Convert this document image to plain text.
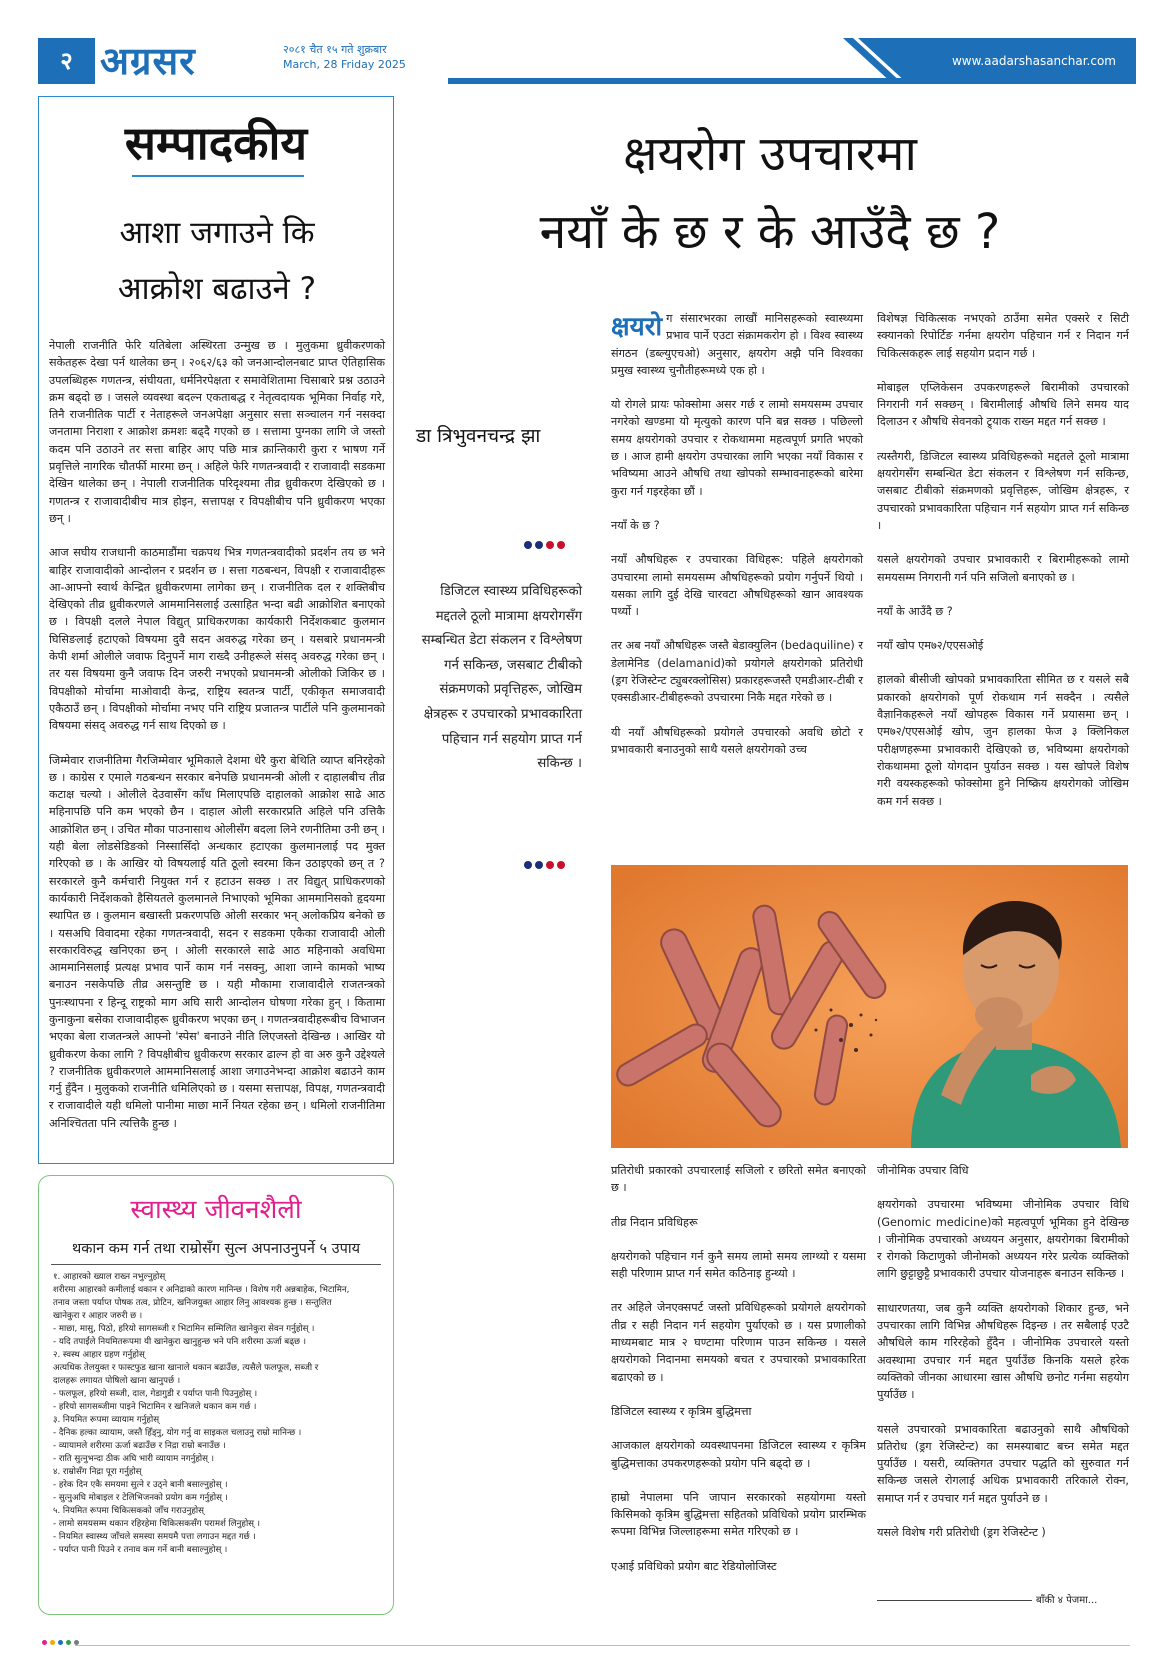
२ अग्रसर	२०८१ चैत १५ गते शुक्रबार
March, 28 Friday 2025	www.aadarshasanchar.com
सम्पादकीय
आशा जगाउने कि
आक्रोश बढाउने ?

नेपाली राजनीति फेरि यतिबेला अस्थिरता उन्मुख छ । मुलुकमा ध्रुवीकरणको सकेतहरू देखा पर्न थालेका छन् । २०६२/६३ को जनआन्दोलनबाट प्राप्त ऐतिहासिक उपलब्धिहरू गणतन्त्र, संघीयता, धर्मनिरपेक्षता र समावेशितामा चिसाबारे प्रश्न उठाउने क्रम बढ्दो छ । जसले व्यवस्था बदल्न एकताबद्ध र नेतृत्वदायक भूमिका निर्वाह गरे, तिनै राजनीतिक पार्टी र नेताहरूले जनअपेक्षा अनुसार सत्ता सञ्चालन गर्न नसक्दा जनतामा निराशा र आक्रोश क्रमशः बढ्दै गएको छ । सत्तामा पुग्नका लागि जे जस्तो कदम पनि उठाउने तर सत्ता बाहिर आए पछि मात्र क्रान्तिकारी कुरा र भाषण गर्ने प्रवृत्तिले नागरिक चौतर्फी मारमा छन् । अहिले फेरि गणतन्त्रवादी र राजावादी सडकमा देखिन थालेका छन् । नेपाली राजनीतिक परिदृश्यमा तीव्र ध्रुवीकरण देखिएको छ । गणतन्त्र र राजावादीबीच मात्र होइन, सत्तापक्ष र विपक्षीबीच पनि ध्रुवीकरण भएका छन् ।

आज सघीय राजधानी काठमाडौंमा चक्रपथ भित्र गणतन्त्रवादीको प्रदर्शन तय छ भने बाहिर राजावादीको आन्दोलन र प्रदर्शन छ । सत्ता गठबन्धन, विपक्षी र राजावादीहरू आ-आफ्नो स्वार्थ केन्द्रित ध्रुवीकरणमा लागेका छन् । राजनीतिक दल र शक्तिबीच देखिएको तीव्र ध्रुवीकरणले आममानिसलाई उत्साहित भन्दा बढी आक्रोशित बनाएको छ । विपक्षी दलले नेपाल विद्युत् प्राधिकरणका कार्यकारी निर्देशकबाट कुलमान घिसिङलाई हटाएको विषयमा दुवै सदन अवरुद्ध गरेका छन् । यसबारे प्रधानमन्त्री केपी शर्मा ओलीले जवाफ दिनुपर्ने माग राख्दै उनीहरूले संसद् अवरुद्ध गरेका छन् । तर यस विषयमा कुनै जवाफ दिन जरुरी नभएको प्रधानमन्त्री ओलीको जिकिर छ । विपक्षीको मोर्चामा माओवादी केन्द्र, राष्ट्रिय स्वतन्त्र पार्टी, एकीकृत समाजवादी एकैठाउँ छन् । विपक्षीको मोर्चामा नभए पनि राष्ट्रिय प्रजातन्त्र पार्टीले पनि कुलमानको विषयमा संसद् अवरुद्ध गर्न साथ दिएको छ ।

जिम्मेवार राजनीतिमा गैरजिम्मेवार भूमिकाले देशमा धेरै कुरा बेथिति व्याप्त बनिरहेको छ । काग्रेस र एमाले गठबन्धन सरकार बनेपछि प्रधानमन्त्री ओली र दाहालबीच तीव्र कटाक्ष चल्यो । ओलीले देउवासँग काँध मिलाएपछि दाहालको आक्रोश साढे आठ महिनापछि पनि कम भएको छैन । दाहाल ओली सरकारप्रति अहिले पनि उत्तिकै आक्रोशित छन् । उचित मौका पाउनासाथ ओलीसँग बदला लिने रणनीतिमा उनी छन् । यही बेला लोडसेडिङको निस्सासिँदो अन्धकार हटाएका कुलमानलाई पद मुक्त गरिएको छ । के आखिर यो विषयलाई यति ठूलो स्वरमा किन उठाइएको छन् त ? सरकारले कुनै कर्मचारी नियुक्त गर्न र हटाउन सक्छ । तर विद्युत् प्राधिकरणको कार्यकारी निर्देशकको हैसियतले कुलमानले निभाएको भूमिका आममानिसको हृदयमा स्थापित छ । कुलमान बखास्ती प्रकरणपछि ओली सरकार भन् अलोकप्रिय बनेको छ । यसअघि विवादमा रहेका गणतन्त्रवादी, सदन र सडकमा एकैका राजावादी ओली सरकारविरुद्ध खनिएका छन् । ओली सरकारले साढे आठ महिनाको अवधिमा आममानिसलाई प्रत्यक्ष प्रभाव पार्ने काम गर्न नसक्नु, आशा जाग्ने कामको भाष्य बनाउन नसकेपछि तीव्र असन्तुष्टि छ । यही मौकामा राजावादीले राजतन्त्रको पुनःस्थापना र हिन्दू राष्ट्रको माग अघि सारी आन्दोलन घोषणा गरेका हुन् । कितामा कुनाकुना बसेका राजावादीहरू ध्रुवीकरण भएका छन् । गणतन्त्रवादीहरूबीच विभाजन भएका बेला राजतन्त्रले आफ्नो 'स्पेस' बनाउने नीति लिएजस्तो देखिन्छ । आखिर यो ध्रुवीकरण केका लागि ? विपक्षीबीच ध्रुवीकरण सरकार ढाल्न हो वा अरु कुनै उद्देश्यले ? राजनीतिक ध्रुवीकरणले आममानिसलाई आशा जगाउनेभन्दा आक्रोश बढाउने काम गर्नु हुँदैन । मुलुकको राजनीति धमिलिएको छ । यसमा सत्तापक्ष, विपक्ष, गणतन्त्रवादी र राजावादीले यही धमिलो पानीमा माछा मार्ने नियत रहेका छन् । धमिलो राजनीतिमा अनिश्चितता पनि त्यत्तिकै हुन्छ ।

स्वास्थ्य जीवनशैली
थकान कम गर्न तथा राम्रोसँग सुत्न अपनाउनुपर्ने ५ उपाय
१. आहारको ख्याल राख्न नभुल्नुहोस्
शरीरमा आहारको कमीलाई थकान र अनिद्राको कारण मानिन्छ । विशेष गरी अन्नबाहेक, भिटामिन,
तनाव जस्ता पर्याप्त पोषक तत्व, प्रोटिन, खनिजयुक्त आहार लिनु आवश्यक हुन्छ । सन्तुलित
खानेकुरा र आहार जरुरी छ ।
- माछा, मासु, पिठो, हरियो सागसब्जी र भिटामिन सम्मिलित खानेकुरा सेवन गर्नुहोस् ।
- यदि तपाईंले नियमितरूपमा यी खानेकुरा खानुहुन्छ भने पनि शरीरमा ऊर्जा बढ्छ ।
२. स्वस्थ आहार ग्रहण गर्नुहोस्
अत्यधिक तेलयुक्त र फास्टफुड खाना खानाले थकान बढाउँछ, त्यसैले फलफूल, सब्जी र
दालहरू लगायत पोषिलो खाना खानुपर्छ ।
- फलफूल, हरियो सब्जी, दाल, गेडागुडी र पर्याप्त पानी पिउनुहोस् ।
- हरियो सागसब्जीमा पाइने भिटामिन र खनिजले थकान कम गर्छ ।
३. नियमित रूपमा व्यायाम गर्नुहोस्
- दैनिक हल्का व्यायाम, जस्तै हिँड्नु, योग गर्नु वा साइकल चलाउनु राम्रो मानिन्छ ।
- व्यायामले शरीरमा ऊर्जा बढाउँछ र निद्रा राम्रो बनाउँछ ।
- राति सुत्नुभन्दा ठीक अघि भारी व्यायाम नगर्नुहोस् ।
४. राम्रोसँग निद्रा पूरा गर्नुहोस्
- हरेक दिन एकै समयमा सुत्ने र उठ्ने बानी बसाल्नुहोस् ।
- सुत्नुअघि मोबाइल र टेलिभिजनको प्रयोग कम गर्नुहोस् ।
५. नियमित रूपमा चिकित्सकको जाँच गराउनुहोस्
- लामो समयसम्म थकान रहिरहेमा चिकित्सकसँग परामर्श लिनुहोस् ।
- नियमित स्वास्थ्य जाँचले समस्या समयमै पत्ता लगाउन मद्दत गर्छ ।
- पर्याप्त पानी पिउने र तनाव कम गर्ने बानी बसाल्नुहोस् ।
क्षयरोग उपचारमा
नयाँ के छ र के आउँदै छ ?
डा त्रिभुवनचन्द्र झा
डिजिटल स्वास्थ्य प्रविधिहरूको मद्दतले ठूलो मात्रामा क्षयरोगसँग सम्बन्धित डेटा संकलन र विश्लेषण गर्न सकिन्छ, जसबाट टीबीको संक्रमणको प्रवृत्तिहरू, जोखिम क्षेत्रहरू र उपचारको प्रभावकारिता पहिचान गर्न सहयोग प्राप्त गर्न सकिन्छ ।

क्षयरो ग संसारभरका लाखौं मानिसहरूको स्वास्थ्यमा प्रभाव पार्ने एउटा संक्रामकरोग हो । विश्व स्वास्थ्य संगठन (डब्ल्युएचओ) अनुसार, क्षयरोग अझै पनि विश्वका प्रमुख स्वास्थ्य चुनौतीहरूमध्ये एक हो ।

यो रोगले प्रायः फोक्सोमा असर गर्छ र लामो समयसम्म उपचार नगरेको खण्डमा यो मृत्युको कारण पनि बन्न सक्छ । पछिल्लो समय क्षयरोगको उपचार र रोकथाममा महत्वपूर्ण प्रगति भएको छ । आज हामी क्षयरोग उपचारका लागि भएका नयाँ विकास र भविष्यमा आउने औषधि तथा खोपको सम्भावनाहरूको बारेमा कुरा गर्न गइरहेका छौं ।

नयाँ के छ ?

नयाँ औषधिहरू र उपचारका विधिहरू: पहिले क्षयरोगको उपचारमा लामो समयसम्म औषधिहरूको प्रयोग गर्नुपर्ने थियो । यसका लागि दुई देखि चारवटा औषधिहरूको खान आवश्यक पर्थ्यो ।

तर अब नयाँ औषधिहरू जस्तै बेडाक्युलिन (bedaquiline) र डेलामेनिड (delamanid)को प्रयोगले क्षयरोगको प्रतिरोधी (ड्रग रेजिस्टेन्ट ट्युबरक्लोसिस) प्रकारहरूजस्तै एमडीआर-टीबी र एक्सडीआर-टीबीहरूको उपचारमा निकै मद्दत गरेको छ ।

यी नयाँ औषधिहरूको प्रयोगले उपचारको अवधि छोटो र प्रभावकारी बनाउनुको साथै यसले क्षयरोगको उच्च

विशेषज्ञ चिकित्सक नभएको ठाउँमा समेत एक्सरे र सिटी स्क्यानको रिपोर्टिङ गर्नमा क्षयरोग पहिचान गर्न र निदान गर्न चिकित्सकहरू लाई सहयोग प्रदान गर्छ ।

मोबाइल एप्लिकेसन उपकरणहरूले बिरामीको उपचारको निगरानी गर्न सक्छन् । बिरामीलाई औषधि लिने समय याद दिलाउन र औषधि सेवनको ट्र्याक राख्न मद्दत गर्न सक्छ ।

त्यस्तैगरी, डिजिटल स्वास्थ्य प्रविधिहरूको मद्दतले ठूलो मात्रामा क्षयरोगसँग सम्बन्धित डेटा संकलन र विश्लेषण गर्न सकिन्छ, जसबाट टीबीको संक्रमणको प्रवृत्तिहरू, जोखिम क्षेत्रहरू, र उपचारको प्रभावकारिता पहिचान गर्न सहयोग प्राप्त गर्न सकिन्छ ।

यसले क्षयरोगको उपचार प्रभावकारी र बिरामीहरूको लामो समयसम्म निगरानी गर्न पनि सजिलो बनाएको छ ।

नयाँ के आउँदै छ ?

नयाँ खोप एम७२/एएसओई

हालको बीसीजी खोपको प्रभावकारिता सीमित छ र यसले सबै प्रकारको क्षयरोगको पूर्ण रोकथाम गर्न सक्दैन । त्यसैले वैज्ञानिकहरूले नयाँ खोपहरू विकास गर्ने प्रयासमा छन् । एम७२/एएसओई खोप, जुन हालका फेज ३ क्लिनिकल परीक्षणहरूमा प्रभावकारी देखिएको छ, भविष्यमा क्षयरोगको रोकथाममा ठूलो योगदान पुर्याउन सक्छ । यस खोपले विशेष गरी वयस्कहरूको फोक्सोमा हुने निष्क्रिय क्षयरोगको जोखिम कम गर्न सक्छ ।

प्रतिरोधी प्रकारको उपचारलाई सजिलो र छरितो समेत बनाएको छ ।

तीव्र निदान प्रविधिहरू

क्षयरोगको पहिचान गर्न कुनै समय लामो समय लाग्थ्यो र यसमा सही परिणाम प्राप्त गर्न समेत कठिनाइ हुन्थ्यो ।

तर अहिले जेनएक्सपर्ट जस्तो प्रविधिहरूको प्रयोगले क्षयरोगको तीव्र र सही निदान गर्न सहयोग पुर्याएको छ । यस प्रणालीको माध्यमबाट मात्र २ घण्टामा परिणाम पाउन सकिन्छ । यसले क्षयरोगको निदानमा समयको बचत र उपचारको प्रभावकारिता बढाएको छ ।

डिजिटल स्वास्थ्य र कृत्रिम बुद्धिमत्ता

आजकाल क्षयरोगको व्यवस्थापनमा डिजिटल स्वास्थ्य र कृत्रिम बुद्धिमत्ताका उपकरणहरूको प्रयोग पनि बढ्दो छ ।

हाम्रो नेपालमा पनि जापान सरकारको सहयोगमा यस्तो किसिमको कृत्रिम बुद्धिमत्ता सहितको प्रविधिको प्रयोग प्रारम्भिक रूपमा विभिन्न जिल्लाहरूमा समेत गरिएको छ ।

एआई प्रविधिको प्रयोग बाट रेडियोलोजिस्ट

जीनोमिक उपचार विधि

क्षयरोगको उपचारमा भविष्यमा जीनोमिक उपचार विधि (Genomic medicine)को महत्वपूर्ण भूमिका हुने देखिन्छ । जीनोमिक उपचारको अध्ययन अनुसार, क्षयरोगका बिरामीको र रोगको किटाणुको जीनोमको अध्ययन गरेर प्रत्येक व्यक्तिको लागि छुट्टाछुट्टै प्रभावकारी उपचार योजनाहरू बनाउन सकिन्छ ।

साधारणतया, जब कुनै व्यक्ति क्षयरोगको शिकार हुन्छ, भने उपचारका लागि विभिन्न औषधिहरू दिइन्छ । तर सबैलाई एउटै औषधिले काम गरिरहेको हुँदैन । जीनोमिक उपचारले यस्तो अवस्थामा उपचार गर्न मद्दत पुर्याउँछ किनकि यसले हरेक व्यक्तिको जीनका आधारमा खास औषधि छनोट गर्नमा सहयोग पुर्याउँछ ।

यसले उपचारको प्रभावकारिता बढाउनुको साथै औषधिको प्रतिरोध (ड्रग रेजिस्टेन्ट) का समस्याबाट बच्न समेत मद्दत पुर्याउँछ । यसरी, व्यक्तिगत उपचार पद्धति को सुरुवात गर्न सकिन्छ जसले रोगलाई अधिक प्रभावकारी तरिकाले रोक्न, समाप्त गर्न र उपचार गर्न मद्दत पुर्याउने छ ।

यसले विशेष गरी प्रतिरोधी (ड्रग रेजिस्टेन्ट )

बाँकी ४ पेजमा...
